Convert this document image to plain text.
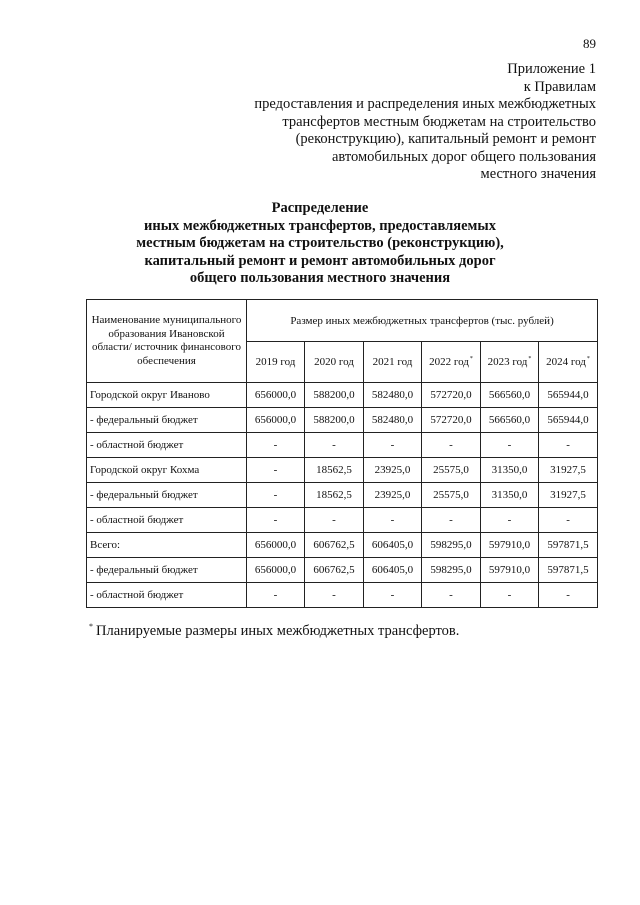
89
Приложение 1
к Правилам
предоставления и распределения иных межбюджетных
трансфертов местным бюджетам на строительство
(реконструкцию), капитальный ремонт и ремонт
автомобильных дорог общего пользования
местного значения
Распределение
иных межбюджетных трансфертов, предоставляемых
местным бюджетам на строительство (реконструкцию),
капитальный ремонт и ремонт автомобильных дорог
общего пользования местного значения
Наименование муниципального образования Ивановской области/ источник финансового обеспечения	Размер иных межбюджетных трансфертов (тыс. рублей)					
	2019 год	2020 год	2021 год	2022 год*	2023 год*	2024 год*
Городской округ Иваново	656000,0	588200,0	582480,0	572720,0	566560,0	565944,0
- федеральный бюджет	656000,0	588200,0	582480,0	572720,0	566560,0	565944,0
- областной бюджет	-	-	-	-	-	-
Городской округ Кохма	-	18562,5	23925,0	25575,0	31350,0	31927,5
- федеральный бюджет	-	18562,5	23925,0	25575,0	31350,0	31927,5
- областной бюджет	-	-	-	-	-	-
Всего:	656000,0	606762,5	606405,0	598295,0	597910,0	597871,5
- федеральный бюджет	656000,0	606762,5	606405,0	598295,0	597910,0	597871,5
- областной бюджет	-	-	-	-	-	-
* Планируемые размеры иных межбюджетных трансфертов.
